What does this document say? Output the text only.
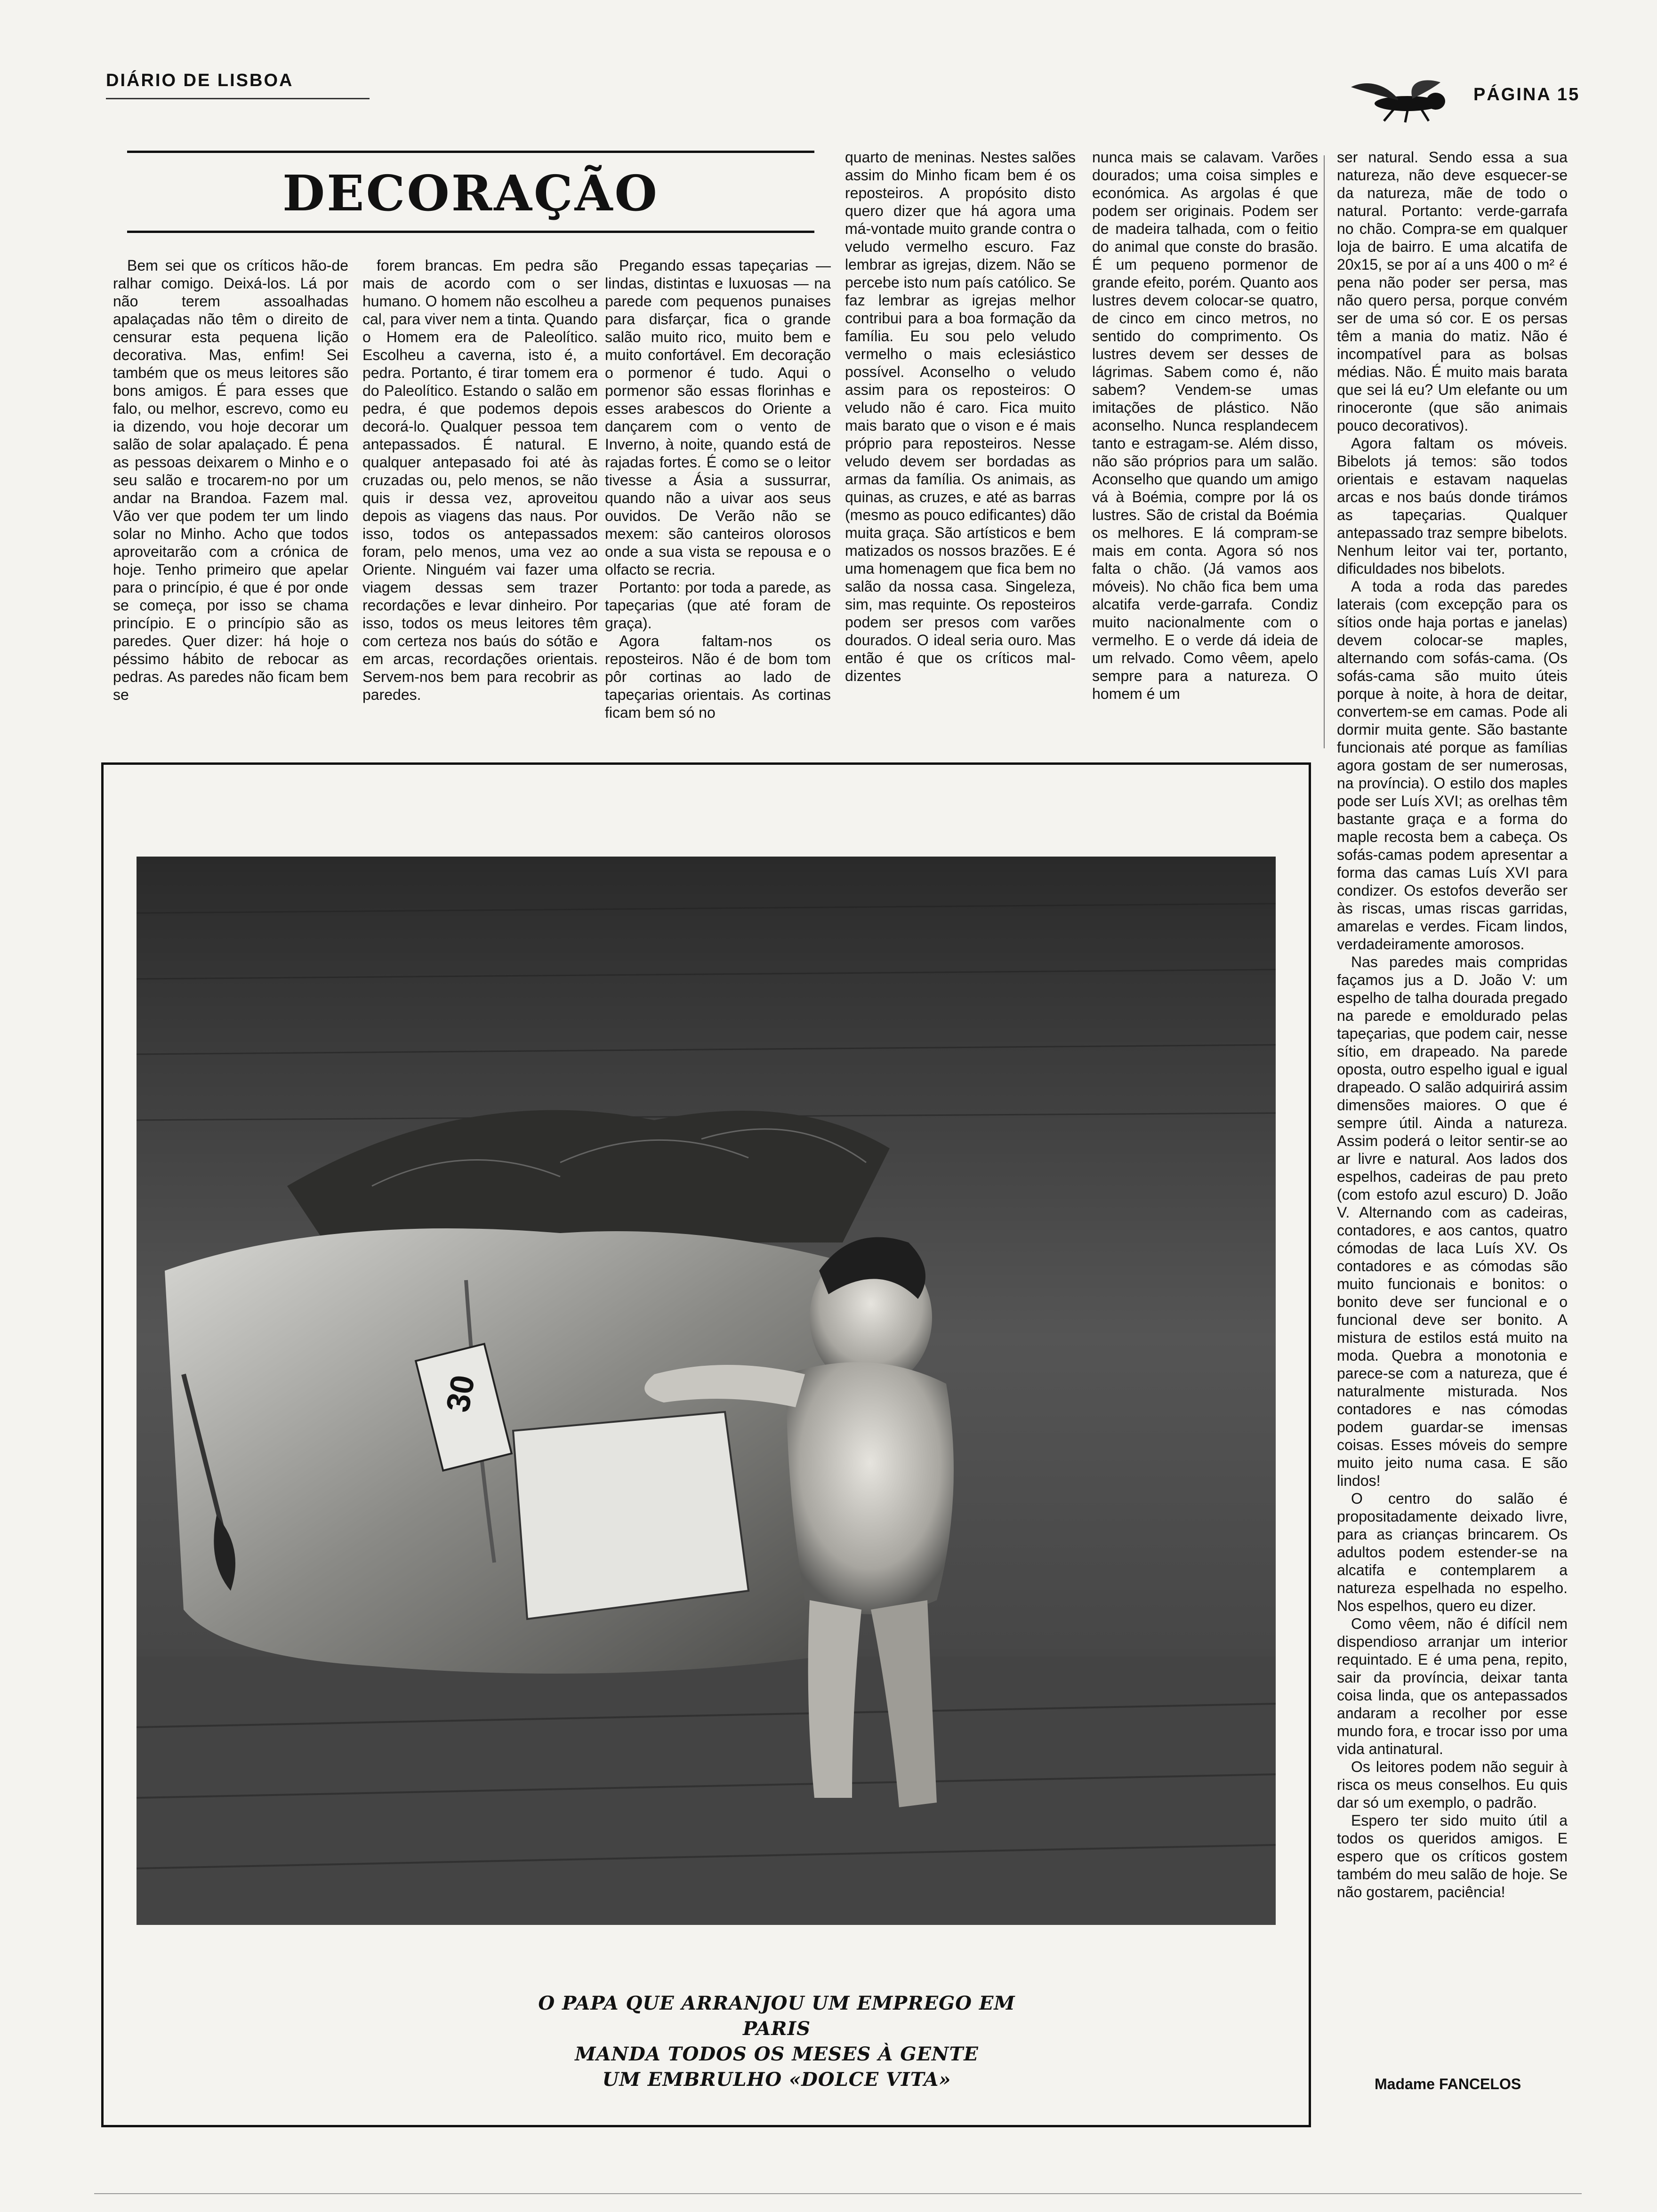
DIÁRIO DE LISBOA
PÁGINA 15
DECORAÇÃO

Bem sei que os críticos hão-de ralhar comigo. Deixá-los. Lá por não terem assoalhadas apalaçadas não têm o direito de censurar esta pequena lição decorativa. Mas, enfim! Sei também que os meus leitores são bons amigos. É para esses que falo, ou melhor, escrevo, como eu ia dizendo, vou hoje decorar um salão de solar apalaçado. É pena as pessoas deixarem o Minho e o seu salão e trocarem-no por um andar na Brandoa. Fazem mal. Vão ver que podem ter um lindo solar no Minho. Acho que todos aproveitarão com a crónica de hoje. Tenho primeiro que apelar para o princípio, é que é por onde se começa, por isso se chama princípio. E o princípio são as paredes. Quer dizer: há hoje o péssimo hábito de rebocar as pedras. As paredes não ficam bem se

forem brancas. Em pedra são mais de acordo com o ser humano. O homem não escolheu a cal, para viver nem a tinta. Quando o Homem era de Paleolítico. Escolheu a caverna, isto é, a pedra. Portanto, é tirar tomem era do Paleolítico. Estando o salão em pedra, é que podemos depois decorá-lo. Qualquer pessoa tem antepassados. É natural. E qualquer antepasado foi até às cruzadas ou, pelo menos, se não quis ir dessa vez, aproveitou depois as viagens das naus. Por isso, todos os antepassados foram, pelo menos, uma vez ao Oriente. Ninguém vai fazer uma viagem dessas sem trazer recordações e levar dinheiro. Por isso, todos os meus leitores têm com certeza nos baús do sótão e em arcas, recordações orientais. Servem-nos bem para recobrir as paredes.

Pregando essas tapeçarias — lindas, distintas e luxuosas — na parede com pequenos punaises para disfarçar, fica o grande salão muito rico, muito bem e muito confortável. Em decoração o pormenor é tudo. Aqui o pormenor são essas florinhas e esses arabescos do Oriente a dançarem com o vento de Inverno, à noite, quando está de rajadas fortes. É como se o leitor tivesse a Ásia a sussurrar, quando não a uivar aos seus ouvidos. De Verão não se mexem: são canteiros olorosos onde a sua vista se repousa e o olfacto se recria.

Portanto: por toda a parede, as tapeçarias (que até foram de graça).

Agora faltam-nos os reposteiros. Não é de bom tom pôr cortinas ao lado de tapeçarias orientais. As cortinas ficam bem só no

quarto de meninas. Nestes salões assim do Minho ficam bem é os reposteiros. A propósito disto quero dizer que há agora uma má-vontade muito grande contra o veludo vermelho escuro. Faz lembrar as igrejas, dizem. Não se percebe isto num país católico. Se faz lembrar as igrejas melhor contribui para a boa formação da família. Eu sou pelo veludo vermelho o mais eclesiástico possível. Aconselho o veludo assim para os reposteiros: O veludo não é caro. Fica muito mais barato que o vison e é mais próprio para reposteiros. Nesse veludo devem ser bordadas as armas da família. Os animais, as quinas, as cruzes, e até as barras (mesmo as pouco edificantes) dão muita graça. São artísticos e bem matizados os nossos brazões. E é uma homenagem que fica bem no salão da nossa casa. Singeleza, sim, mas requinte. Os reposteiros podem ser presos com varões dourados. O ideal seria ouro. Mas então é que os críticos mal-dizentes

nunca mais se calavam. Varões dourados; uma coisa simples e económica. As argolas é que podem ser originais. Podem ser de madeira talhada, com o feitio do animal que conste do brasão. É um pequeno pormenor de grande efeito, porém. Quanto aos lustres devem colocar-se quatro, de cinco em cinco metros, no sentido do comprimento. Os lustres devem ser desses de lágrimas. Sabem como é, não sabem? Vendem-se umas imitações de plástico. Não aconselho. Nunca resplandecem tanto e estragam-se. Além disso, não são próprios para um salão. Aconselho que quando um amigo vá à Boémia, compre por lá os lustres. São de cristal da Boémia os melhores. E lá compram-se mais em conta. Agora só nos falta o chão. (Já vamos aos móveis). No chão fica bem uma alcatifa verde-garrafa. Condiz muito nacionalmente com o vermelho. E o verde dá ideia de um relvado. Como vêem, apelo sempre para a natureza. O homem é um

ser natural. Sendo essa a sua natureza, não deve esquecer-se da natureza, mãe de todo o natural. Portanto: verde-garrafa no chão. Compra-se em qualquer loja de bairro. E uma alcatifa de 20x15, se por aí a uns 400 o m² é pena não poder ser persa, mas não quero persa, porque convém ser de uma só cor. E os persas têm a mania do matiz. Não é incompatível para as bolsas médias. Não. É muito mais barata que sei lá eu? Um elefante ou um rinoceronte (que são animais pouco decorativos).

Agora faltam os móveis. Bibelots já temos: são todos orientais e estavam naquelas arcas e nos baús donde tirámos as tapeçarias. Qualquer antepassado traz sempre bibelots. Nenhum leitor vai ter, portanto, dificuldades nos bibelots.

A toda a roda das paredes laterais (com excepção para os sítios onde haja portas e janelas) devem colocar-se maples, alternando com sofás-cama. (Os sofás-cama são muito úteis porque à noite, à hora de deitar, convertem-se em camas. Pode ali dormir muita gente. São bastante funcionais até porque as famílias agora gostam de ser numerosas, na província). O estilo dos maples pode ser Luís XVI; as orelhas têm bastante graça e a forma do maple recosta bem a cabeça. Os sofás-camas podem apresentar a forma das camas Luís XVI para condizer. Os estofos deverão ser às riscas, umas riscas garridas, amarelas e verdes. Ficam lindos, verdadeiramente amorosos.

Nas paredes mais compridas façamos jus a D. João V: um espelho de talha dourada pregado na parede e emoldurado pelas tapeçarias, que podem cair, nesse sítio, em drapeado. Na parede oposta, outro espelho igual e igual drapeado. O salão adquirirá assim dimensões maiores. O que é sempre útil. Ainda a natureza. Assim poderá o leitor sentir-se ao ar livre e natural. Aos lados dos espelhos, cadeiras de pau preto (com estofo azul escuro) D. João V. Alternando com as cadeiras, contadores, e aos cantos, quatro cómodas de laca Luís XV. Os contadores e as cómodas são muito funcionais e bonitos: o bonito deve ser funcional e o funcional deve ser bonito. A mistura de estilos está muito na moda. Quebra a monotonia e parece-se com a natureza, que é naturalmente misturada. Nos contadores e nas cómodas podem guardar-se imensas coisas. Esses móveis do sempre muito jeito numa casa. E são lindos!

O centro do salão é propositadamente deixado livre, para as crianças brincarem. Os adultos podem estender-se na alcatifa e contemplarem a natureza espelhada no espelho. Nos espelhos, quero eu dizer.

Como vêem, não é difícil nem dispendioso arranjar um interior requintado. E é uma pena, repito, sair da província, deixar tanta coisa linda, que os antepassados andaram a recolher por esse mundo fora, e trocar isso por uma vida antinatural.

Os leitores podem não seguir à risca os meus conselhos. Eu quis dar só um exemplo, o padrão.

Espero ter sido muito útil a todos os queridos amigos. E espero que os críticos gostem também do meu salão de hoje. Se não gostarem, paciência!

Madame FANCELOS
30
O PAPA QUE ARRANJOU UM EMPREGO EM PARIS
MANDA TODOS OS MESES À GENTE
UM EMBRULHO «DOLCE VITA»
